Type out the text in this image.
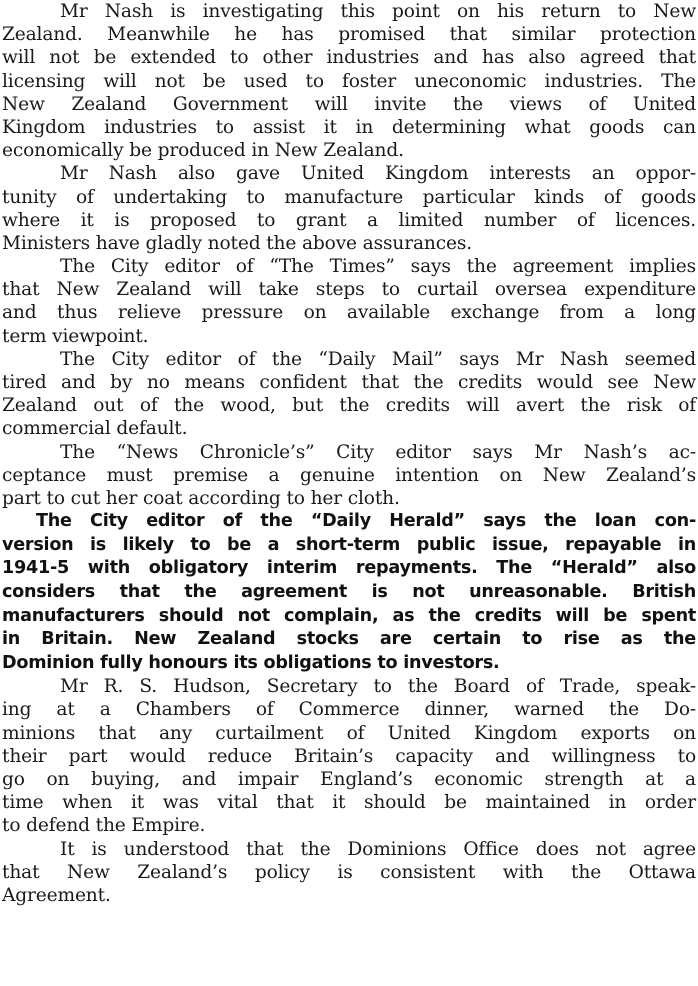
Mr Nash is investigating this point on his return to New
Zealand. Meanwhile he has promised that similar protection
will not be extended to other industries and has also agreed that
licensing will not be used to foster uneconomic industries. The
New Zealand Government will invite the views of United
Kingdom industries to assist it in determining what goods can
economically be produced in New Zealand.
Mr Nash also gave United Kingdom interests an oppor-
tunity of undertaking to manufacture particular kinds of goods
where it is proposed to grant a limited number of licences.
Ministers have gladly noted the above assurances.
The City editor of “The Times” says the agreement implies
that New Zealand will take steps to curtail oversea expenditure
and thus relieve pressure on available exchange from a long
term viewpoint.
The City editor of the “Daily Mail” says Mr Nash seemed
tired and by no means confident that the credits would see New
Zealand out of the wood, but the credits will avert the risk of
commercial default.
The “News Chronicle’s” City editor says Mr Nash’s ac-
ceptance must premise a genuine intention on New Zealand’s
part to cut her coat according to her cloth.
The City editor of the “Daily Herald” says the loan con-
version is likely to be a short-term public issue, repayable in
1941-5 with obligatory interim repayments. The “Herald” also
considers that the agreement is not unreasonable. British
manufacturers should not complain, as the credits will be spent
in Britain. New Zealand stocks are certain to rise as the
Dominion fully honours its obligations to investors.
Mr R. S. Hudson, Secretary to the Board of Trade, speak-
ing at a Chambers of Commerce dinner, warned the Do-
minions that any curtailment of United Kingdom exports on
their part would reduce Britain’s capacity and willingness to
go on buying, and impair England’s economic strength at a
time when it was vital that it should be maintained in order
to defend the Empire.
It is understood that the Dominions Office does not agree
that New Zealand’s policy is consistent with the Ottawa
Agreement.
